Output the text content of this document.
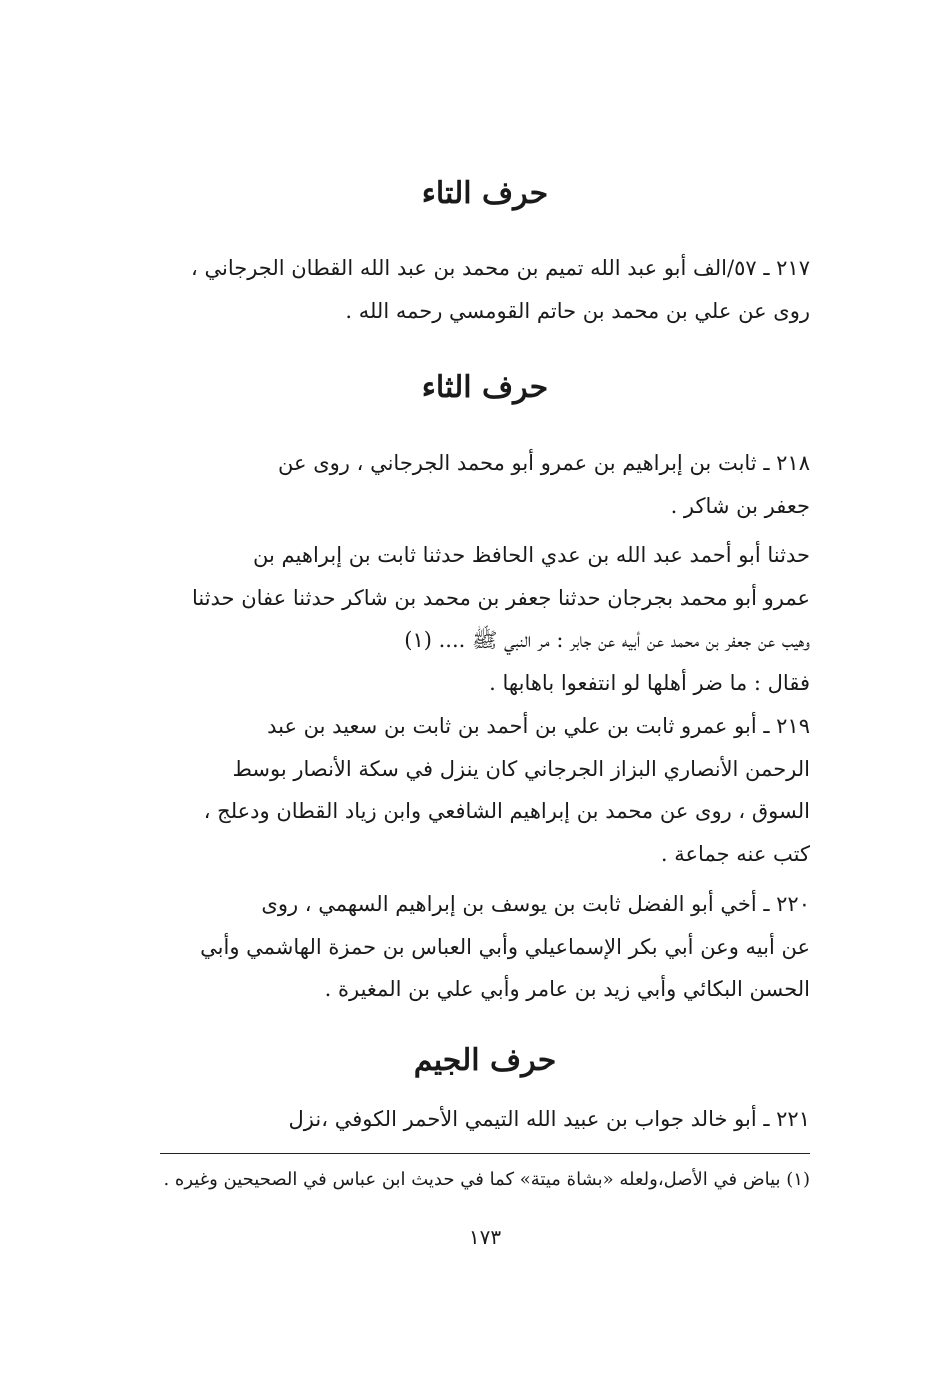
حرف التاء
٢١٧ ـ ٥٧/الف أبو عبد الله تميم بن محمد بن عبد الله القطان الجرجاني ،
روى عن علي بن محمد بن حاتم القومسي رحمه الله .
حرف الثاء
٢١٨ ـ ثابت بن إبراهيم بن عمرو أبو محمد الجرجاني ، روى عن
جعفر بن شاكر .
حدثنا أبو أحمد عبد الله بن عدي الحافظ حدثنا ثابت بن إبراهيم بن
عمرو أبو محمد بجرجان حدثنا جعفر بن محمد بن شاكر حدثنا عفان حدثنا
وهيب عن جعفر بن محمد عن أبيه عن جابر : مر النبي ﷺ .... (١)
فقال : ما ضر أهلها لو انتفعوا باهابها .
٢١٩ ـ أبو عمرو ثابت بن علي بن أحمد بن ثابت بن سعيد بن عبد
الرحمن الأنصاري البزاز الجرجاني كان ينزل في سكة الأنصار بوسط
السوق ، روى عن محمد بن إبراهيم الشافعي وابن زياد القطان ودعلج ،
كتب عنه جماعة .
٢٢٠ ـ أخي أبو الفضل ثابت بن يوسف بن إبراهيم السهمي ، روى
عن أبيه وعن أبي بكر الإسماعيلي وأبي العباس بن حمزة الهاشمي وأبي
الحسن البكائي وأبي زيد بن عامر وأبي علي بن المغيرة .
حرف الجيم
٢٢١ ـ أبو خالد جواب بن عبيد الله التيمي الأحمر الكوفي ،نزل
(١) بياض في الأصل،ولعله «بشاة ميتة» كما في حديث ابن عباس في الصحيحين وغيره .
١٧٣
